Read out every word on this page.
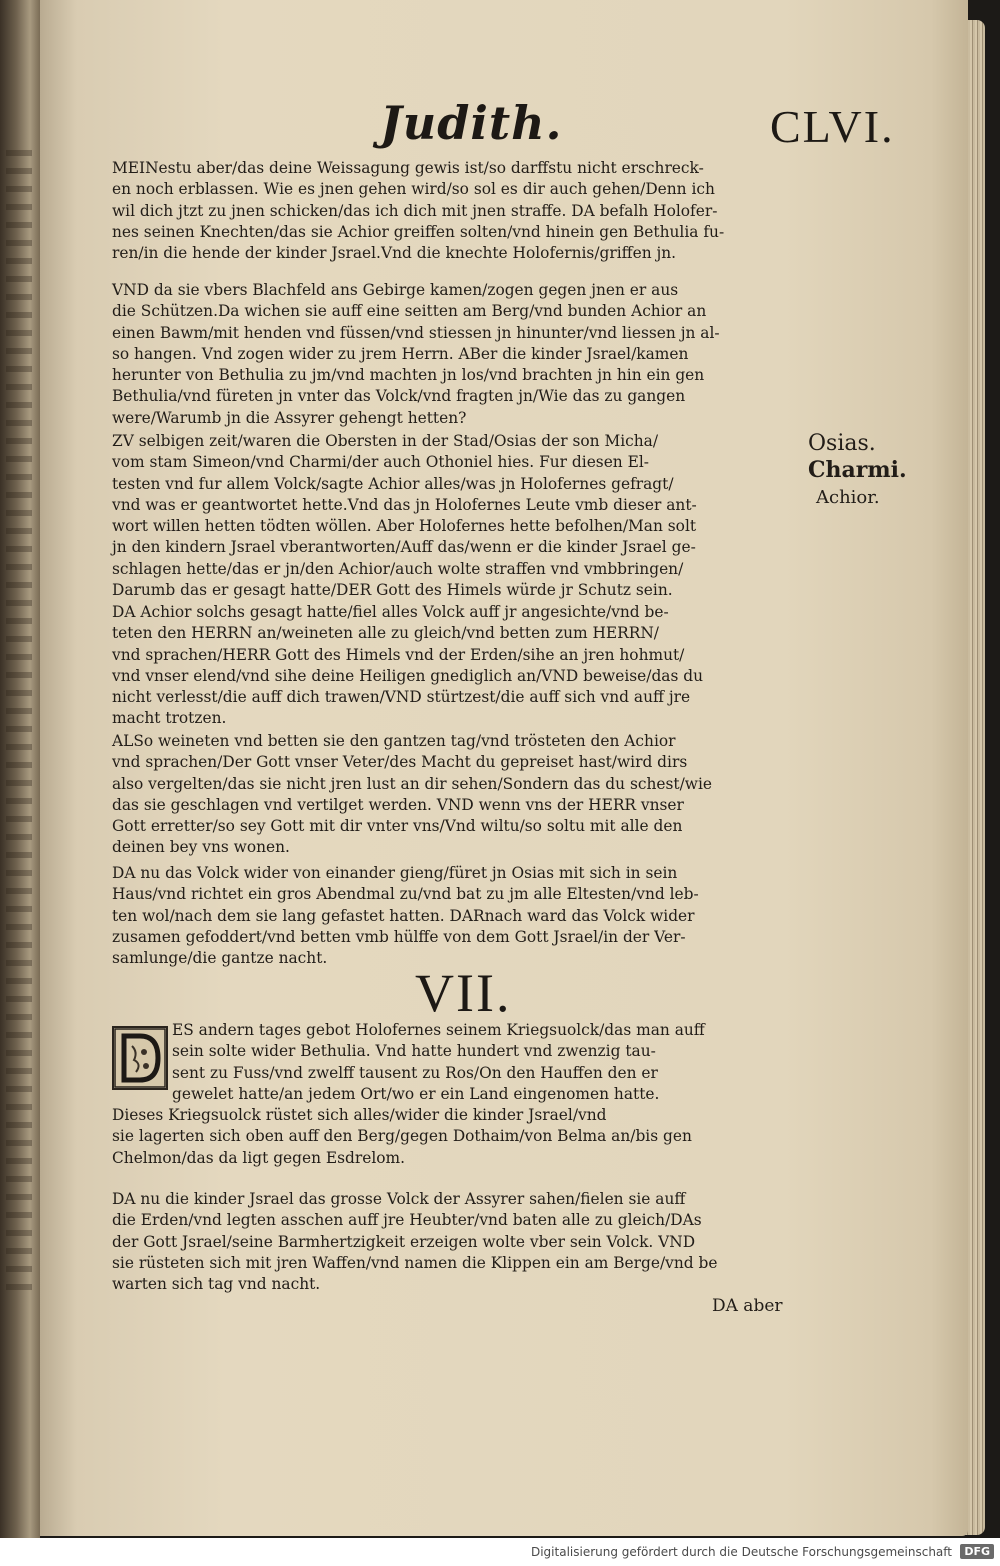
Judith.	CLVI.
MEINestu aber/das deine Weissagung gewis ist/so darffstu nicht erschreck-
en noch erblassen. Wie es jnen gehen wird/so sol es dir auch gehen/Denn ich
wil dich jtzt zu jnen schicken/das ich dich mit jnen straffe. DA befalh Holofer-
nes seinen Knechten/das sie Achior greiffen solten/vnd hinein gen Bethulia fu-
ren/in die hende der kinder Jsrael.Vnd die knechte Holofernis/griffen jn.
VND da sie vbers Blachfeld ans Gebirge kamen/zogen gegen jnen er aus
die Schützen.Da wichen sie auff eine seitten am Berg/vnd bunden Achior an
einen Bawm/mit henden vnd füssen/vnd stiessen jn hinunter/vnd liessen jn al-
so hangen. Vnd zogen wider zu jrem Herrn. ABer die kinder Jsrael/kamen
herunter von Bethulia zu jm/vnd machten jn los/vnd brachten jn hin ein gen
Bethulia/vnd füreten jn vnter das Volck/vnd fragten jn/Wie das zu gangen
were/Warumb jn die Assyrer gehengt hetten?
ZV selbigen zeit/waren die Obersten in der Stad/Osias der son Micha/
vom stam Simeon/vnd Charmi/der auch Othoniel hies. Fur diesen El-
testen vnd fur allem Volck/sagte Achior alles/was jn Holofernes gefragt/
vnd was er geantwortet hette.Vnd das jn Holofernes Leute vmb dieser ant-
wort willen hetten tödten wöllen. Aber Holofernes hette befolhen/Man solt
jn den kindern Jsrael vberantworten/Auff das/wenn er die kinder Jsrael ge-
schlagen hette/das er jn/den Achior/auch wolte straffen vnd vmbbringen/
Darumb das er gesagt hatte/DER Gott des Himels würde jr Schutz sein.
DA Achior solchs gesagt hatte/fiel alles Volck auff jr angesichte/vnd be-
teten den HERRN an/weineten alle zu gleich/vnd betten zum HERRN/
vnd sprachen/HERR Gott des Himels vnd der Erden/sihe an jren hohmut/
vnd vnser elend/vnd sihe deine Heiligen gnediglich an/VND beweise/das du
nicht verlesst/die auff dich trawen/VND stürtzest/die auff sich vnd auff jre
macht trotzen.
ALSo weineten vnd betten sie den gantzen tag/vnd trösteten den Achior
vnd sprachen/Der Gott vnser Veter/des Macht du gepreiset hast/wird dirs
also vergelten/das sie nicht jren lust an dir sehen/Sondern das du schest/wie
das sie geschlagen vnd vertilget werden. VND wenn vns der HERR vnser
Gott erretter/so sey Gott mit dir vnter vns/Vnd wiltu/so soltu mit alle den
deinen bey vns wonen.
DA nu das Volck wider von einander gieng/füret jn Osias mit sich in sein
Haus/vnd richtet ein gros Abendmal zu/vnd bat zu jm alle Eltesten/vnd leb-
ten wol/nach dem sie lang gefastet hatten. DARnach ward das Volck wider
zusamen gefoddert/vnd betten vmb hülffe von dem Gott Jsrael/in der Ver-
samlunge/die gantze nacht.
Osias.
Charmi.
Achior.
VII.
ES andern tages gebot Holofernes seinem Kriegsuolck/das man auff
sein solte wider Bethulia. Vnd hatte hundert vnd zwenzig tau-
sent zu Fuss/vnd zwelff tausent zu Ros/On den Hauffen den er
gewelet hatte/an jedem Ort/wo er ein Land eingenomen hatte.
Dieses Kriegsuolck rüstet sich alles/wider die kinder Jsrael/vnd
sie lagerten sich oben auff den Berg/gegen Dothaim/von Belma an/bis gen
Chelmon/das da ligt gegen Esdrelom.
DA nu die kinder Jsrael das grosse Volck der Assyrer sahen/fielen sie auff
die Erden/vnd legten asschen auff jre Heubter/vnd baten alle zu gleich/DAs
der Gott Jsrael/seine Barmhertzigkeit erzeigen wolte vber sein Volck. VND
sie rüsteten sich mit jren Waffen/vnd namen die Klippen ein am Berge/vnd be
warten sich tag vnd nacht.
DA aber
Digitalisierung gefördert durch die Deutsche Forschungsgemeinschaft	DFG
